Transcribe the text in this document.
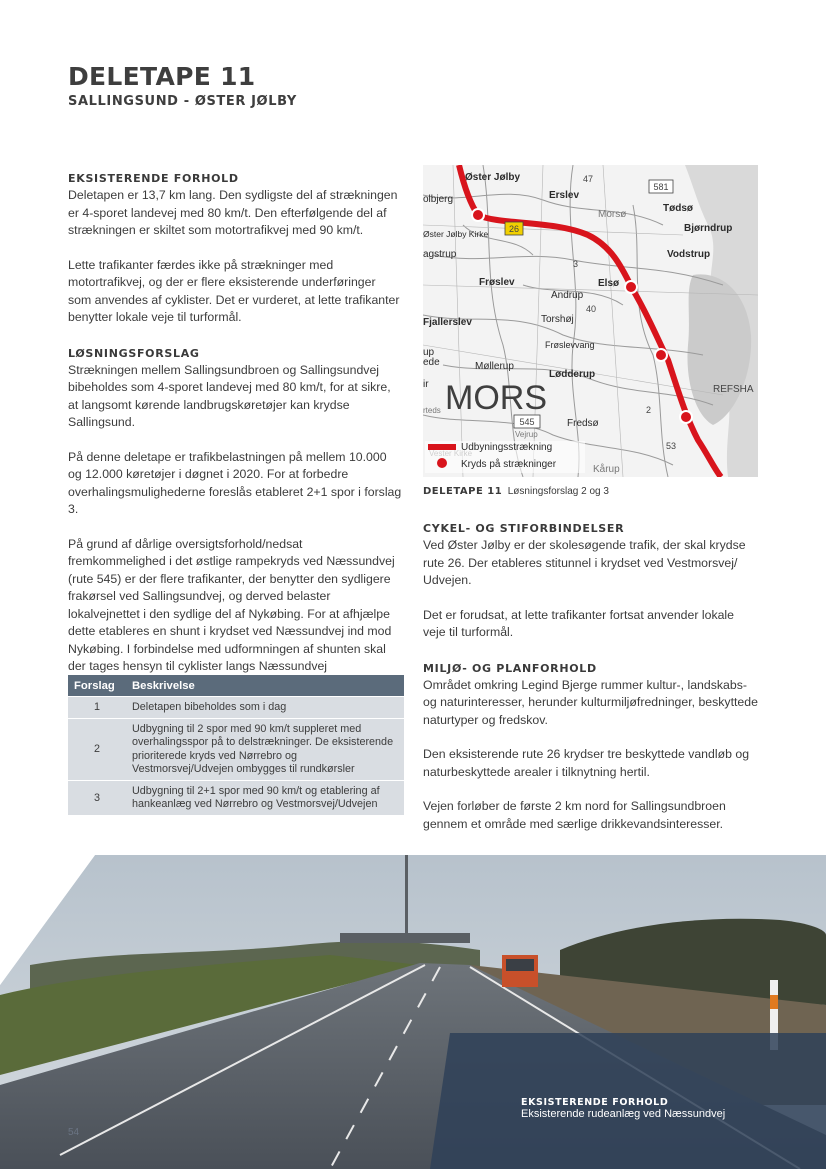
DELETAPE 11
SALLINGSUND - ØSTER JØLBY
EKSISTERENDE FORHOLD

Deletapen er 13,7 km lang. Den sydligste del af strækningen er 4-sporet landevej med 80 km/t. Den efterfølgende del af strækningen er skiltet som motortrafikvej med 90 km/t.

Lette trafikanter færdes ikke på strækninger med motortrafikvej, og der er flere eksisterende underføringer som anvendes af cyklister. Det er vurderet, at lette trafikanter benytter lokale veje til turformål.

LØSNINGSFORSLAG

Strækningen mellem Sallingsundbroen og Sallingsundvej bibeholdes som 4-sporet landevej med 80 km/t, for at sikre, at langsomt kørende landbrugskøretøjer kan krydse Sallingsund.

På denne deletape er trafikbelastningen på mellem 10.000 og 12.000 køretøjer i døgnet i 2020. For at forbedre overhalingsmulighederne foreslås etableret 2+1 spor i forslag 3.

På grund af dårlige oversigtsforhold/nedsat fremkommelighed i det østlige rampekryds ved Næssundvej (rute 545) er der flere trafikanter, der benytter den sydligere frakørsel ved Sallingsundvej, og derved belaster lokalvejnettet i den sydlige del af Nykøbing. For at afhjælpe dette etableres en shunt i krydset ved Næssundvej ind mod Nykøbing. I forbindelse med udformningen af shunten skal der tages hensyn til cyklister langs Næssundvej

Forslag	Beskrivelse
1	Deletapen bibeholdes som i dag
2	Udbygning til 2 spor med 90 km/t suppleret med overhalingsspor på to delstrækninger. De eksisterende prioriterede kryds ved Nørrebro og Vestmorsvej/Udvejen ombygges til rundkørsler
3	Udbygning til 2+1 spor med 90 km/t og etablering af hankeanlæg ved Nørrebro og Vestmorsvej/Udvejen
581
26
545
47
3
40
2
53
Øster Jølby
olbjerg	Erslev
Morsø
Tødsø
Bjørndrup
Vodstrup
Øster Jølby Kirke
agstrup
Frøslev
Andrup
Elsø
Torshøj
Fjallerslev
Frøslevvang
up
ede	Møllerup
Lødderup
ir
rteds
REFSHA
Fredsø
Kårup
Vejrup
MORS
Udbyningsstrækning
Kryds på strækninger
DELETAPE 11 Løsningsforslag 2 og 3
CYKEL- OG STIFORBINDELSER

Ved Øster Jølby er der skolesøgende trafik, der skal krydse rute 26. Der etableres stitunnel i krydset ved Vestmorsvej/ Udvejen.

Det er forudsat, at lette trafikanter fortsat anvender lokale veje til turformål.

MILJØ- OG PLANFORHOLD

Området omkring Legind Bjerge rummer kultur-, landskabs- og naturinteresser, herunder kulturmiljøfredninger, beskyttede naturtyper og fredskov.

Den eksisterende rute 26 krydser tre beskyttede vandløb og naturbeskyttede arealer i tilknytning hertil.

Vejen forløber de første 2 km nord for Sallingsundbroen gennem et område med særlige drikkevandsinteresser.

EKSISTERENDE FORHOLD
Eksisterende rudeanlæg ved Næssundvej
54
